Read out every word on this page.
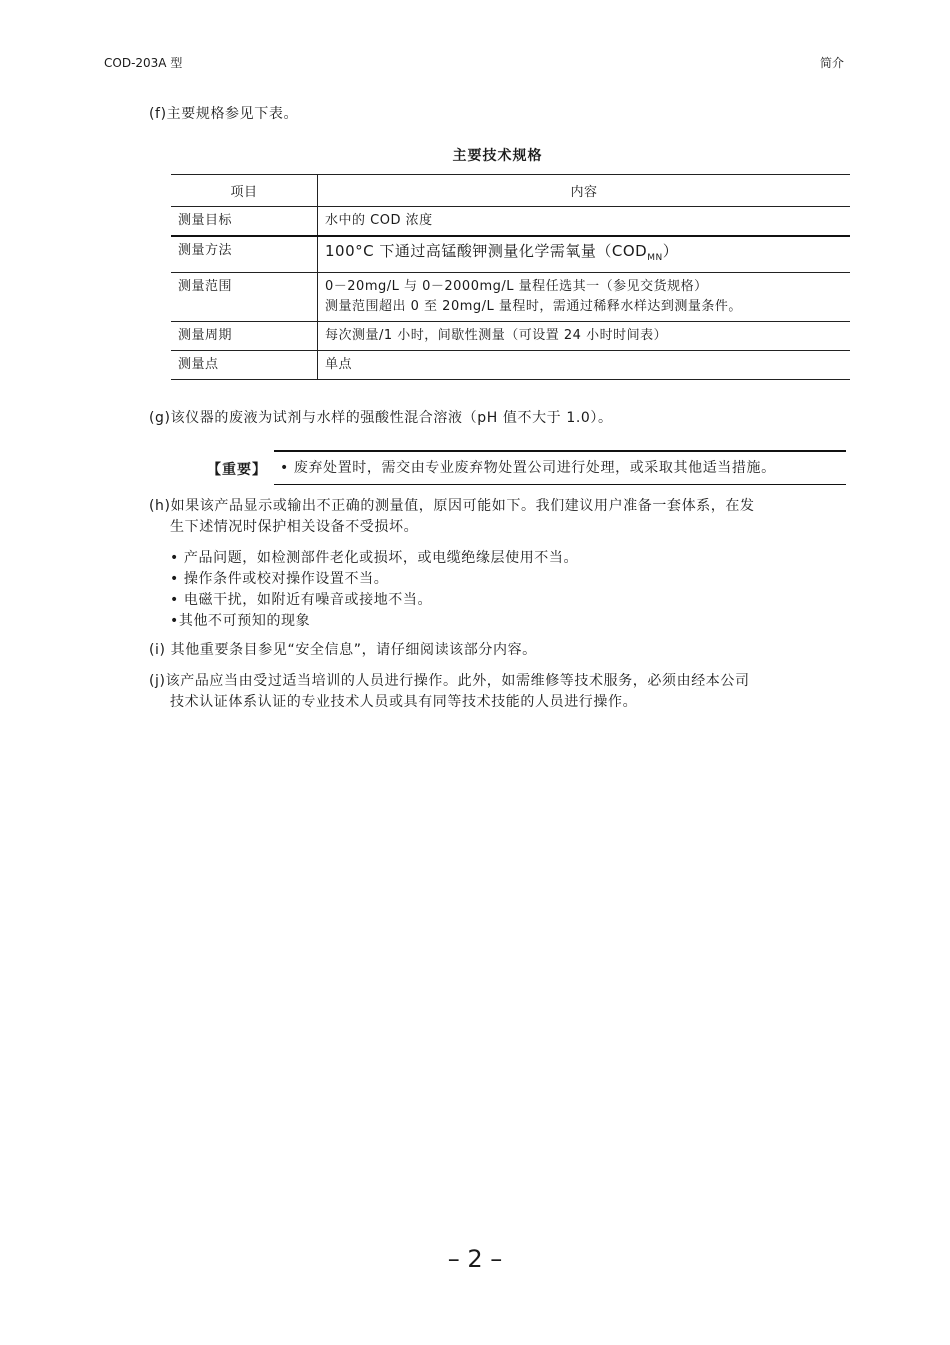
COD-203A 型	简介
(f)主要规格参见下表。
主要技术规格
项目	内容
测量目标	水中的 COD 浓度
测量方法	100°C 下通过高锰酸钾测量化学需氧量$(COD_{MN})$
测量范围	0－20mg/L 与 0－2000mg/L 量程任选其一（参见交货规格）
测量范围超出 0 至 20mg/L 量程时，需通过稀释水样达到测量条件。

测量周期	每次测量/1 小时，间歇性测量（可设置 24 小时时间表）
测量点	单点
(g)该仪器的废液为试剂与水样的强酸性混合溶液（pH 值不大于 1.0）。
【重要】 • 废弃处置时，需交由专业废弃物处置公司进行处理，或采取其他适当措施。
(h)如果该产品显示或输出不正确的测量值，原因可能如下。我们建议用户准备一套体系，在发
生下述情况时保护相关设备不受损坏。
• 产品问题，如检测部件老化或损坏，或电缆绝缘层使用不当。
• 操作条件或校对操作设置不当。
• 电磁干扰，如附近有噪音或接地不当。
•其他不可预知的现象
(i) 其他重要条目参见“安全信息”，请仔细阅读该部分内容。
(j)该产品应当由受过适当培训的人员进行操作。此外，如需维修等技术服务，必须由经本公司
技术认证体系认证的专业技术人员或具有同等技术技能的人员进行操作。
– 2 –
